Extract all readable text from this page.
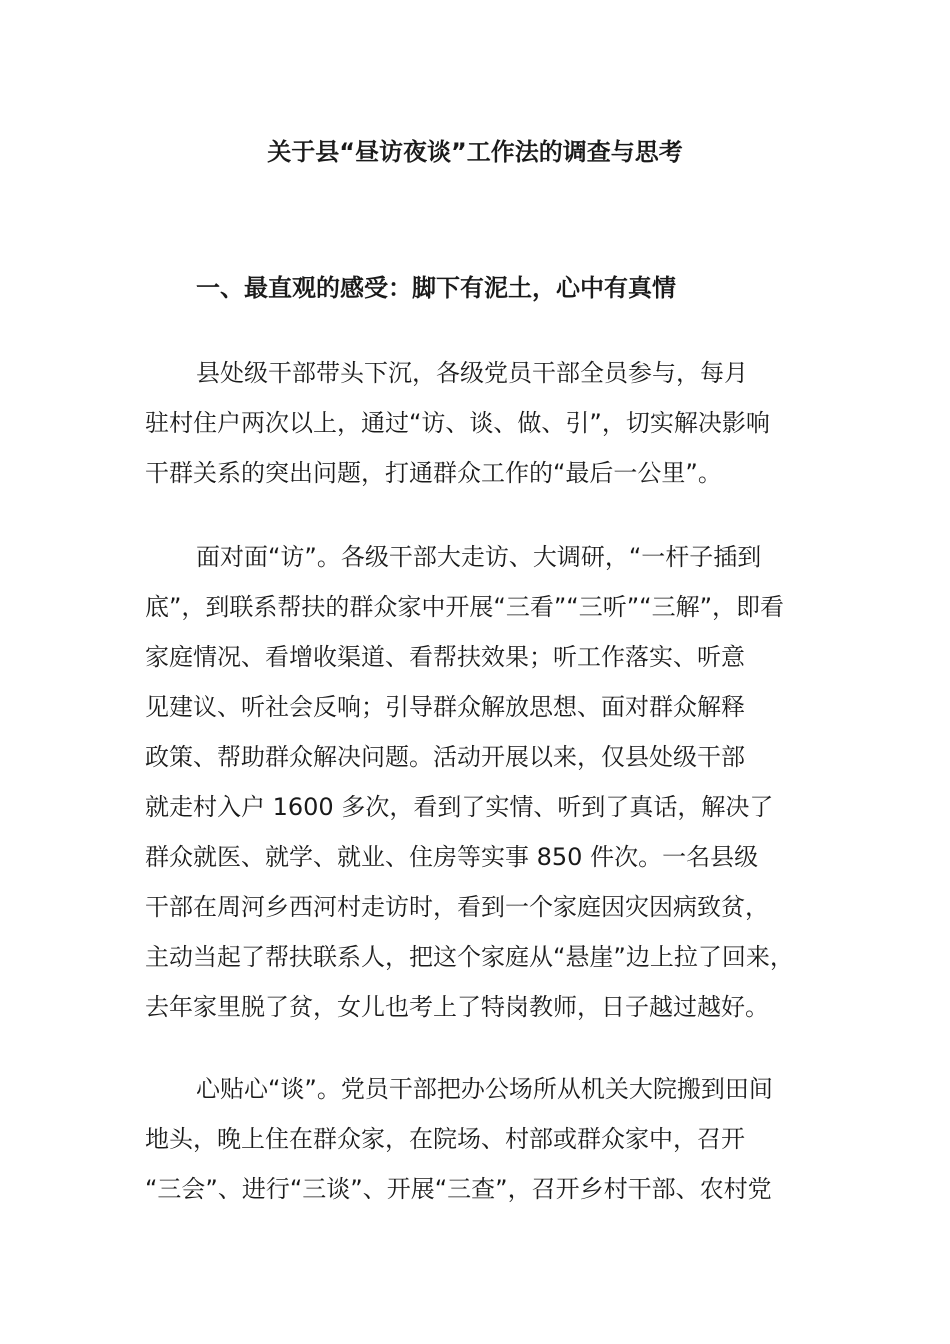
关于县“昼访夜谈”工作法的调查与思考
一、最直观的感受：脚下有泥土，心中有真情
县处级干部带头下沉，各级党员干部全员参与，每月
驻村住户两次以上，通过“访、谈、做、引”，切实解决影响
干群关系的突出问题，打通群众工作的“最后一公里”。
面对面“访”。各级干部大走访、大调研，“一杆子插到
底”，到联系帮扶的群众家中开展“三看”“三听”“三解”，即看
家庭情况、看增收渠道、看帮扶效果；听工作落实、听意
见建议、听社会反响；引导群众解放思想、面对群众解释
政策、帮助群众解决问题。活动开展以来，仅县处级干部
就走村入户 1600 多次，看到了实情、听到了真话，解决了
群众就医、就学、就业、住房等实事 850 件次。一名县级
干部在周河乡西河村走访时，看到一个家庭因灾因病致贫，
主动当起了帮扶联系人，把这个家庭从“悬崖”边上拉了回来，
去年家里脱了贫，女儿也考上了特岗教师，日子越过越好。
心贴心“谈”。党员干部把办公场所从机关大院搬到田间
地头，晚上住在群众家，在院场、村部或群众家中，召开
“三会”、进行“三谈”、开展“三查”，召开乡村干部、农村党
